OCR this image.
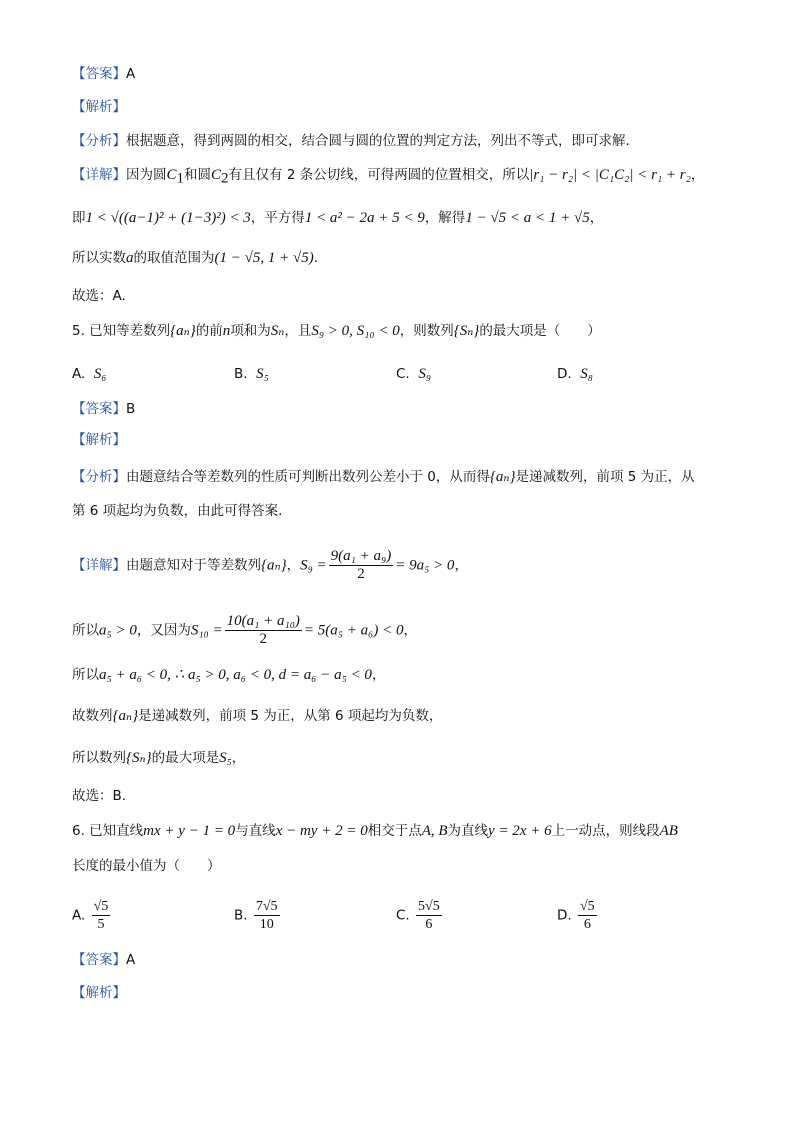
【答案】A
【解析】
【分析】根据题意，得到两圆的相交，结合圆与圆的位置的判定方法，列出不等式，即可求解.
【详解】因为圆$C_1$和圆$C_2$有且仅有 2 条公切线，可得两圆的位置相交，所以|r₁ − r₂| < |C₁C₂| < r₁ + r₂，
即1 < √((a−1)² + (1−3)²) < 3，平方得1 < a² − 2a + 5 < 9，解得1 − √5 < a < 1 + √5，
所以实数a的取值范围为(1 − √5, 1 + √5).
故选：A.
5. 已知等差数列{aₙ}的前n项和为Sₙ，且S₉ > 0, S₁₀ < 0，则数列{Sₙ}的最大项是（　　）
A. S₆	B. S₅	C. S₉	D. S₈
【答案】B
【解析】
【分析】由题意结合等差数列的性质可判断出数列公差小于 0，从而得{aₙ}是递减数列，前项 5 为正，从
第 6 项起均为负数，由此可得答案.
【详解】由题意知对于等差数列{aₙ}，$S_9 = \frac{\text{9(a₁ + a₉)}}{2} = 9a_5 > 0$，
所以a₅ > 0，又因为$S_{10} = \frac{\text{10(a₁ + a₁₀)}}{2} = 5(a_5 + a_6) < 0$，
所以a₅ + a₆ < 0, ∴ a₅ > 0, a₆ < 0, d = a₆ − a₅ < 0，
故数列{aₙ}是递减数列，前项 5 为正，从第 6 项起均为负数，
所以数列{Sₙ}的最大项是S₅，
故选：B.
6. 已知直线mx + y − 1 = 0与直线x − my + 2 = 0相交于点A, B为直线y = 2x + 6上一动点，则线段AB
长度的最小值为（　　）
A. $\frac{√5}{5}$	B. $\frac{7√5}{10}$	C. $\frac{5√5}{6}$	D. $\frac{√5}{6}$
【答案】A
【解析】
